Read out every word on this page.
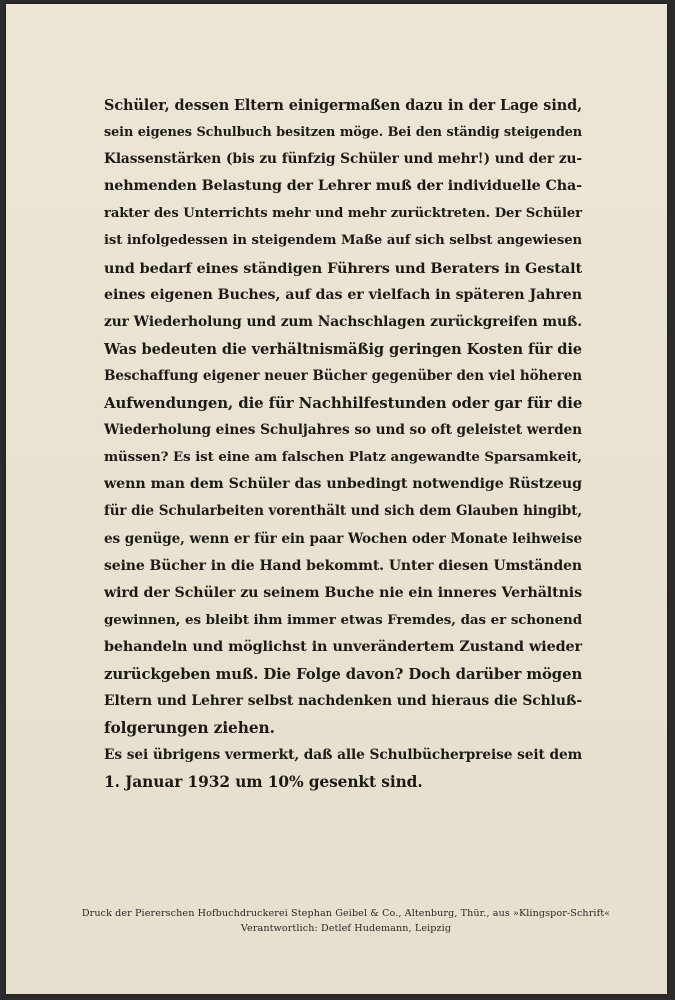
Schüler, dessen Eltern einigermaßen dazu in der Lage sind,
sein eigenes Schulbuch besitzen möge. Bei den ständig steigenden
Klassenstärken (bis zu fünfzig Schüler und mehr!) und der zu-
nehmenden Belastung der Lehrer muß der individuelle Cha-
rakter des Unterrichts mehr und mehr zurücktreten. Der Schüler
ist infolgedessen in steigendem Maße auf sich selbst angewiesen
und bedarf eines ständigen Führers und Beraters in Gestalt
eines eigenen Buches, auf das er vielfach in späteren Jahren
zur Wiederholung und zum Nachschlagen zurückgreifen muß.
Was bedeuten die verhältnismäßig geringen Kosten für die
Beschaffung eigener neuer Bücher gegenüber den viel höheren
Aufwendungen, die für Nachhilfestunden oder gar für die
Wiederholung eines Schuljahres so und so oft geleistet werden
müssen? Es ist eine am falschen Platz angewandte Sparsamkeit,
wenn man dem Schüler das unbedingt notwendige Rüstzeug
für die Schularbeiten vorenthält und sich dem Glauben hingibt,
es genüge, wenn er für ein paar Wochen oder Monate leihweise
seine Bücher in die Hand bekommt. Unter diesen Umständen
wird der Schüler zu seinem Buche nie ein inneres Verhältnis
gewinnen, es bleibt ihm immer etwas Fremdes, das er schonend
behandeln und möglichst in unverändertem Zustand wieder
zurückgeben muß. Die Folge davon? Doch darüber mögen
Eltern und Lehrer selbst nachdenken und hieraus die Schluß-
folgerungen ziehen.
Es sei übrigens vermerkt, daß alle Schulbücherpreise seit dem
1. Januar 1932 um 10% gesenkt sind.
Druck der Piererschen Hofbuchdruckerei Stephan Geibel & Co., Altenburg, Thür., aus »Klingspor-Schrift«
Verantwortlich: Detlef Hudemann, Leipzig
